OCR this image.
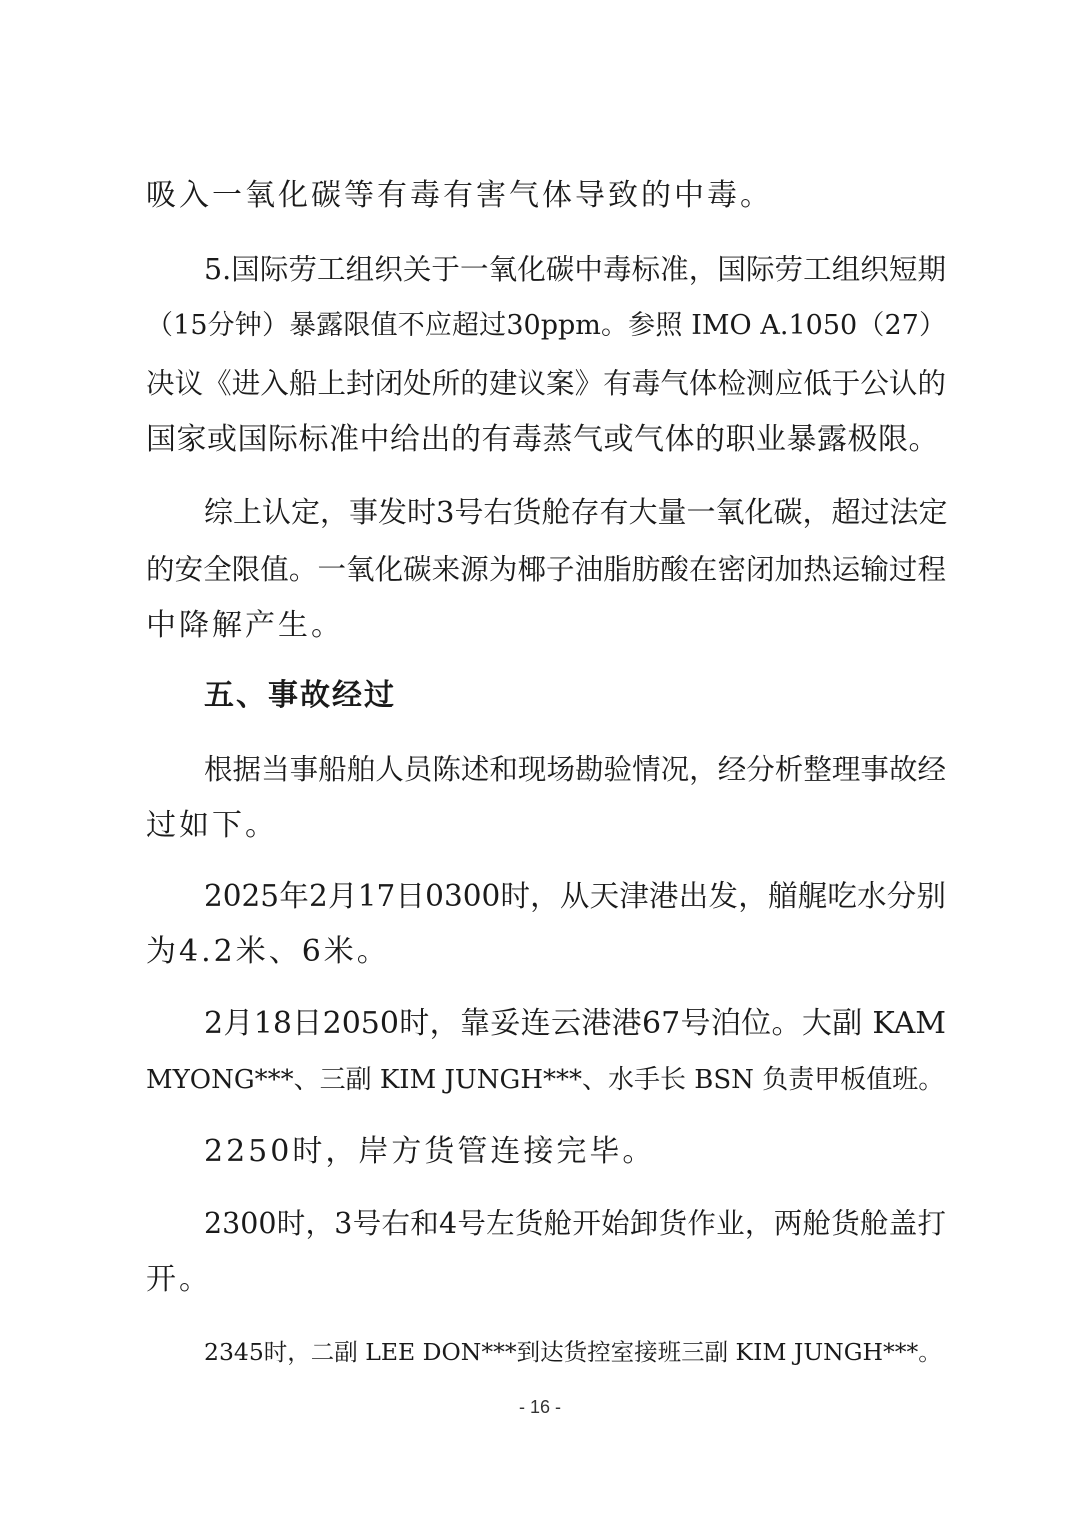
吸入一氧化碳等有毒有害气体导致的中毒。
5.国际劳工组织关于一氧化碳中毒标准，国际劳工组织短期
（15分钟）暴露限值不应超过30ppm。参照 IMO A.1050（27）
决议《进入船上封闭处所的建议案》有毒气体检测应低于公认的
国家或国际标准中给出的有毒蒸气或气体的职业暴露极限。
综上认定，事发时3号右货舱存有大量一氧化碳，超过法定
的安全限值。一氧化碳来源为椰子油脂肪酸在密闭加热运输过程
中降解产生。
五、事故经过
根据当事船舶人员陈述和现场勘验情况，经分析整理事故经
过如下。
2025年2月17日0300时，从天津港出发，艏艉吃水分别
为4.2米、6米。
2月18日2050时，靠妥连云港港67号泊位。大副 KAM
MYONG***、三副 KIM JUNGH***、水手长 BSN 负责甲板值班。
2250时，岸方货管连接完毕。
2300时，3号右和4号左货舱开始卸货作业，两舱货舱盖打
开。
2345时，二副 LEE DON***到达货控室接班三副 KIM JUNGH***。
- 16 -
